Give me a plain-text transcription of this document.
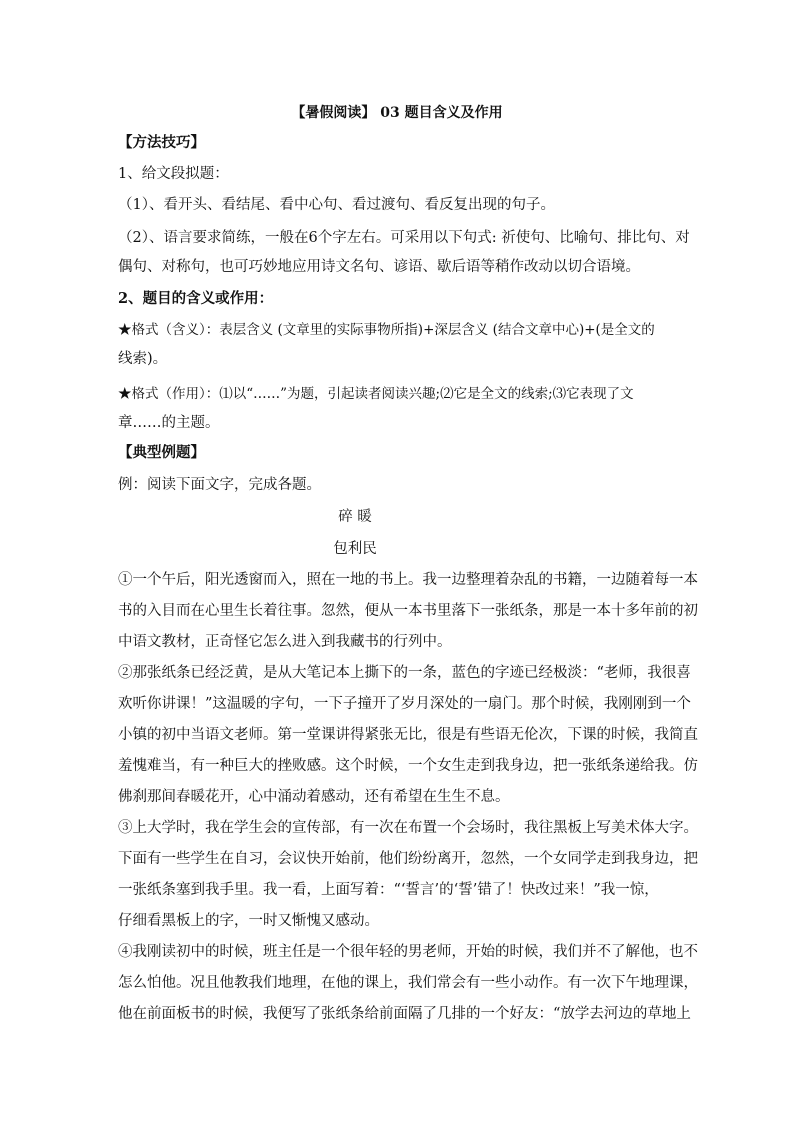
【暑假阅读】 03 题目含义及作用
【方法技巧】
1、给文段拟题：
（1）、看开头、看结尾、看中心句、看过渡句、看反复出现的句子。
（2）、语言要求简练，一般在6个字左右。可采用以下句式: 祈使句、比喻句、排比句、对
偶句、对称句，也可巧妙地应用诗文名句、谚语、歇后语等稍作改动以切合语境。
2、题目的含义或作用：
★格式（含义）：表层含义 (文章里的实际事物所指)+深层含义 (结合文章中心)+(是全文的
线索)。
★格式（作用）：⑴以“……”为题，引起读者阅读兴趣;⑵它是全文的线索;⑶它表现了文
章……的主题。
【典型例题】
例：阅读下面文字，完成各题。
碎 暖
包利民
①一个午后，阳光透窗而入，照在一地的书上。我一边整理着杂乱的书籍，一边随着每一本
书的入目而在心里生长着往事。忽然，便从一本书里落下一张纸条，那是一本十多年前的初
中语文教材，正奇怪它怎么进入到我藏书的行列中。
②那张纸条已经泛黄，是从大笔记本上撕下的一条，蓝色的字迹已经极淡：“老师，我很喜
欢听你讲课！”这温暖的字句，一下子撞开了岁月深处的一扇门。那个时候，我刚刚到一个
小镇的初中当语文老师。第一堂课讲得紧张无比，很是有些语无伦次，下课的时候，我简直
羞愧难当，有一种巨大的挫败感。这个时候，一个女生走到我身边，把一张纸条递给我。仿
佛刹那间春暖花开，心中涌动着感动，还有希望在生生不息。
③上大学时，我在学生会的宣传部，有一次在布置一个会场时，我往黑板上写美术体大字。
下面有一些学生在自习，会议快开始前，他们纷纷离开，忽然，一个女同学走到我身边，把
一张纸条塞到我手里。我一看，上面写着：“‘誓言’的‘誓’错了！快改过来！”我一惊，
仔细看黑板上的字，一时又惭愧又感动。
④我刚读初中的时候，班主任是一个很年轻的男老师，开始的时候，我们并不了解他，也不
怎么怕他。况且他教我们地理，在他的课上，我们常会有一些小动作。有一次下午地理课，
他在前面板书的时候，我便写了张纸条给前面隔了几排的一个好友：“放学去河边的草地上
